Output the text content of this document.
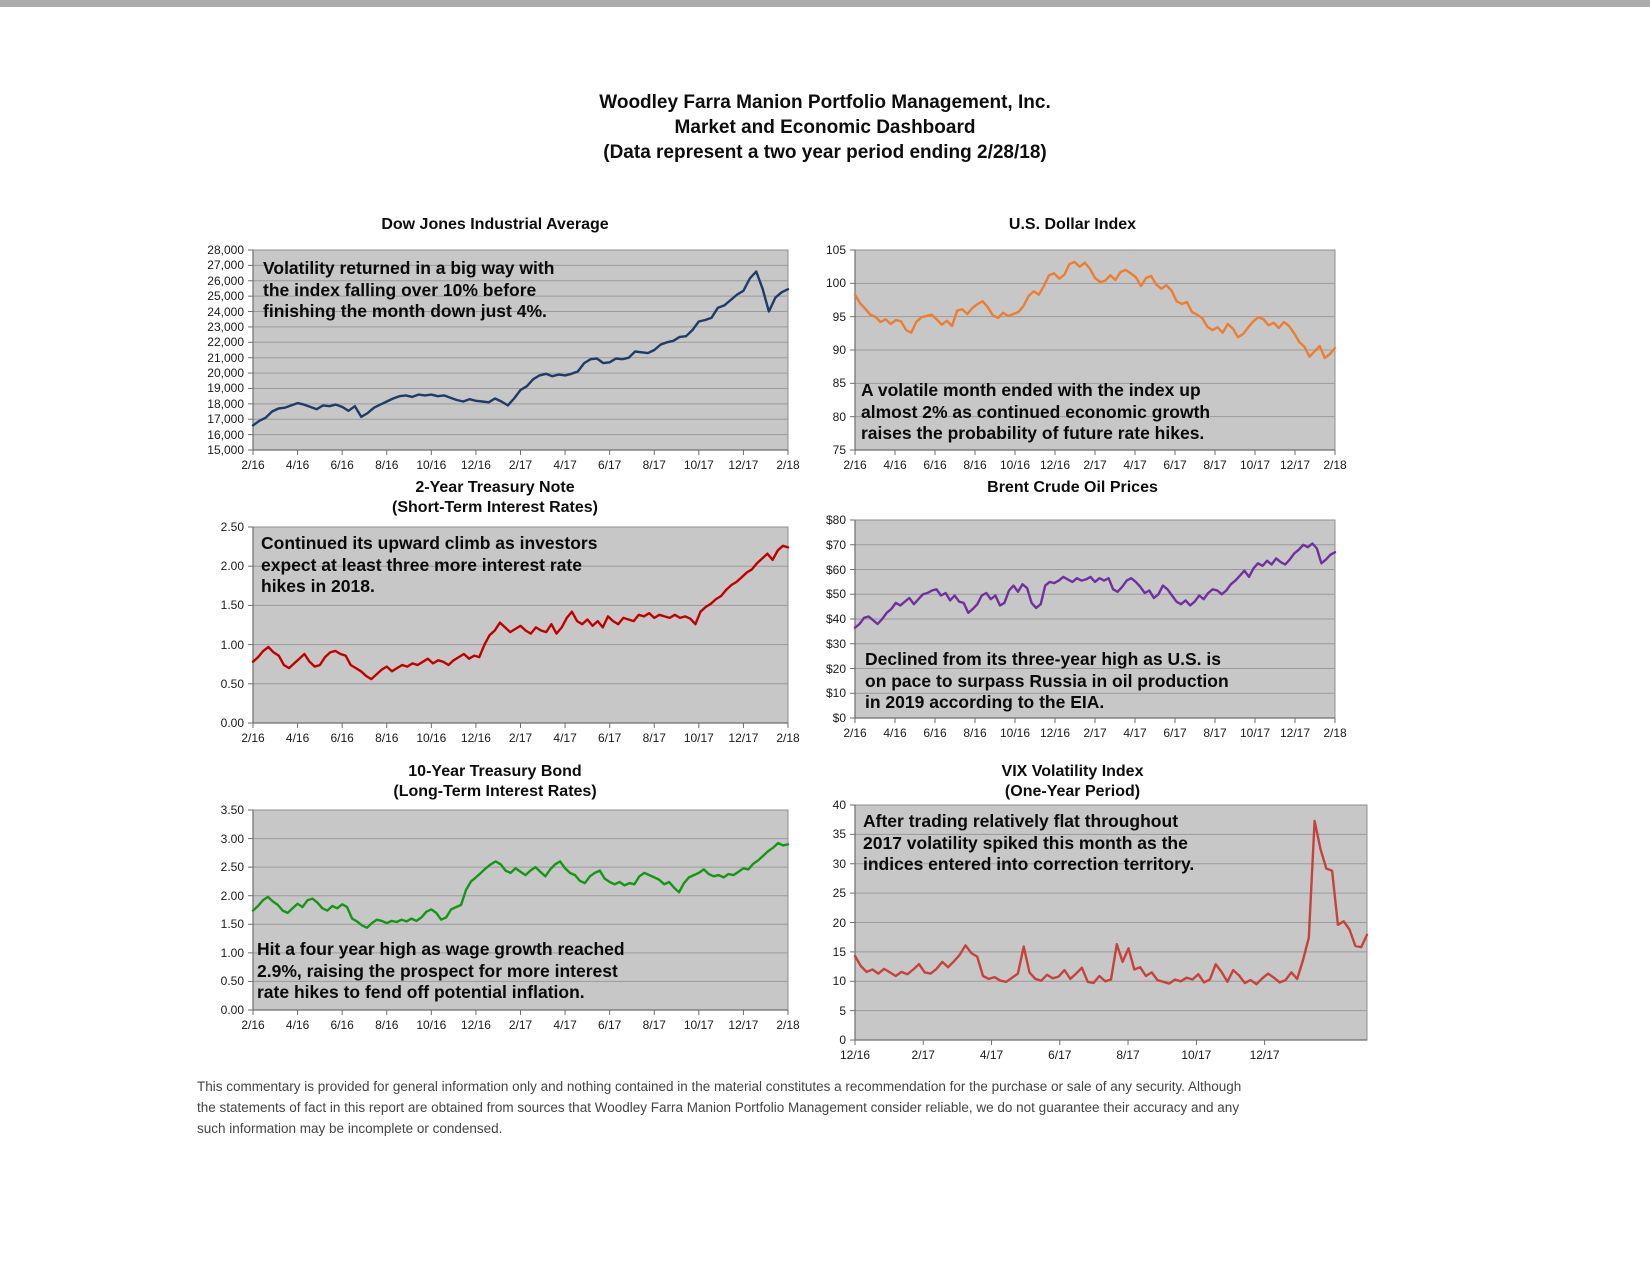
Woodley Farra Manion Portfolio Management, Inc.
Market and Economic Dashboard
(Data represent a two year period ending 2/28/18)
Dow Jones Industrial Average
Volatility returned in a big way with
the index falling over 10% before
finishing the month down just 4%.
28,000
27,000
26,000
25,000
24,000
23,000
22,000
21,000
20,000
19,000
18,000
17,000
16,000
15,000
2/16 4/16 6/16 8/16 10/16 12/16 2/17 4/17 6/17 8/17 10/17 12/17 2/18
U.S. Dollar Index
A volatile month ended with the index up
almost 2% as continued economic growth
raises the probability of future rate hikes.
105
100
95
90
85
80
75
2/16 4/16 6/16 8/16 10/16 12/16 2/17 4/17 6/17 8/17 10/17 12/17 2/18
2-Year Treasury Note
(Short-Term Interest Rates)
Continued its upward climb as investors
expect at least three more interest rate
hikes in 2018.
2.50
2.00
1.50
1.00
0.50
0.00
2/16 4/16 6/16 8/16 10/16 12/16 2/17 4/17 6/17 8/17 10/17 12/17 2/18
Brent Crude Oil Prices
Declined from its three-year high as U.S. is
on pace to surpass Russia in oil production
in 2019 according to the EIA.
$80
$70
$60
$50
$40
$30
$20
$10
$0
2/16 4/16 6/16 8/16 10/16 12/16 2/17 4/17 6/17 8/17 10/17 12/17 2/18
10-Year Treasury Bond
(Long-Term Interest Rates)
Hit a four year high as wage growth reached
2.9%, raising the prospect for more interest
rate hikes to fend off potential inflation.
3.50
3.00
2.50
2.00
1.50
1.00
0.50
0.00
2/16 4/16 6/16 8/16 10/16 12/16 2/17 4/17 6/17 8/17 10/17 12/17 2/18
VIX Volatility Index
(One-Year Period)
After trading relatively flat throughout
2017 volatility spiked this month as the
indices entered into correction territory.
40
35
30
25
20
15
10
5
0
12/16	2/17	4/17	6/17	8/17	10/17	12/17
This commentary is provided for general information only and nothing contained in the material constitutes a recommendation for the purchase or sale of any security. Although
the statements of fact in this report are obtained from sources that Woodley Farra Manion Portfolio Management consider reliable, we do not guarantee their accuracy and any
such information may be incomplete or condensed.
